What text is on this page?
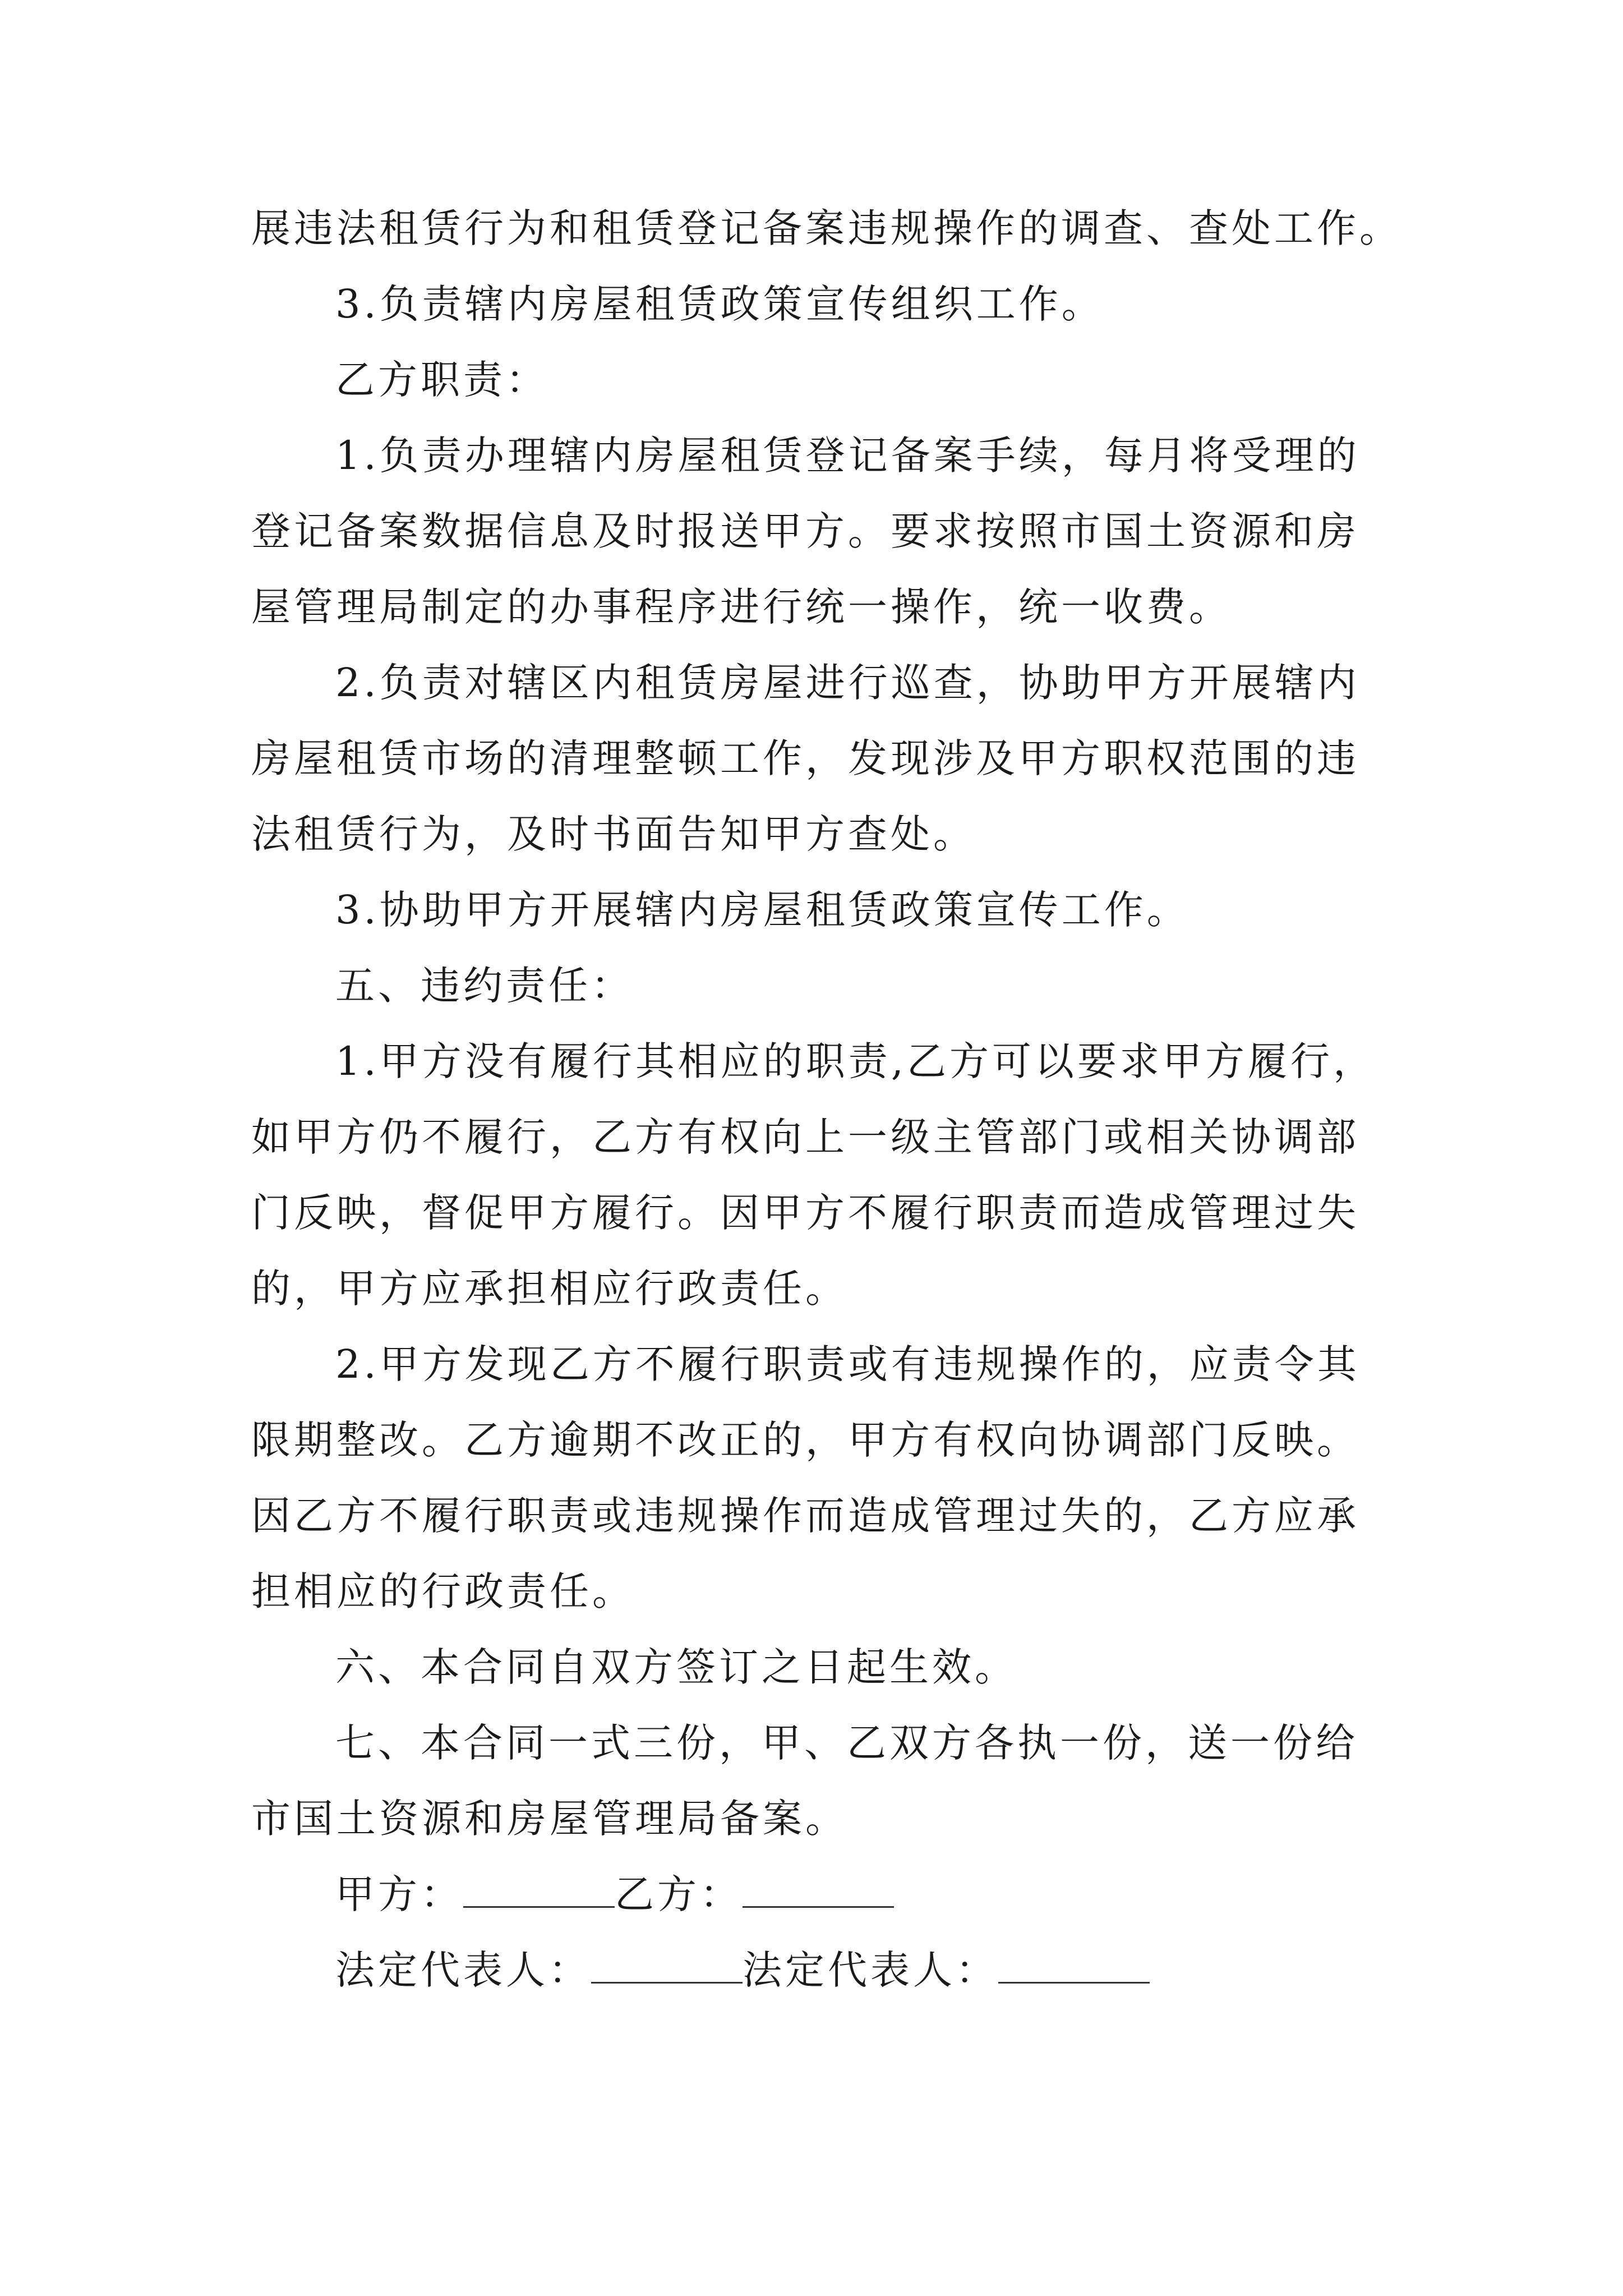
展违法租赁行为和租赁登记备案违规操作的调查、查处工作。
3.负责辖内房屋租赁政策宣传组织工作。
乙方职责：
1.负责办理辖内房屋租赁登记备案手续，每月将受理的
登记备案数据信息及时报送甲方。要求按照市国土资源和房
屋管理局制定的办事程序进行统一操作，统一收费。
2.负责对辖区内租赁房屋进行巡查，协助甲方开展辖内
房屋租赁市场的清理整顿工作，发现涉及甲方职权范围的违
法租赁行为，及时书面告知甲方查处。
3.协助甲方开展辖内房屋租赁政策宣传工作。
五、违约责任：
1.甲方没有履行其相应的职责,乙方可以要求甲方履行，
如甲方仍不履行，乙方有权向上一级主管部门或相关协调部
门反映，督促甲方履行。因甲方不履行职责而造成管理过失
的，甲方应承担相应行政责任。
2.甲方发现乙方不履行职责或有违规操作的，应责令其
限期整改。乙方逾期不改正的，甲方有权向协调部门反映。
因乙方不履行职责或违规操作而造成管理过失的，乙方应承
担相应的行政责任。
六、本合同自双方签订之日起生效。
七、本合同一式三份，甲、乙双方各执一份，送一份给
市国土资源和房屋管理局备案。
甲方：	乙方：
法定代表人：	法定代表人：
